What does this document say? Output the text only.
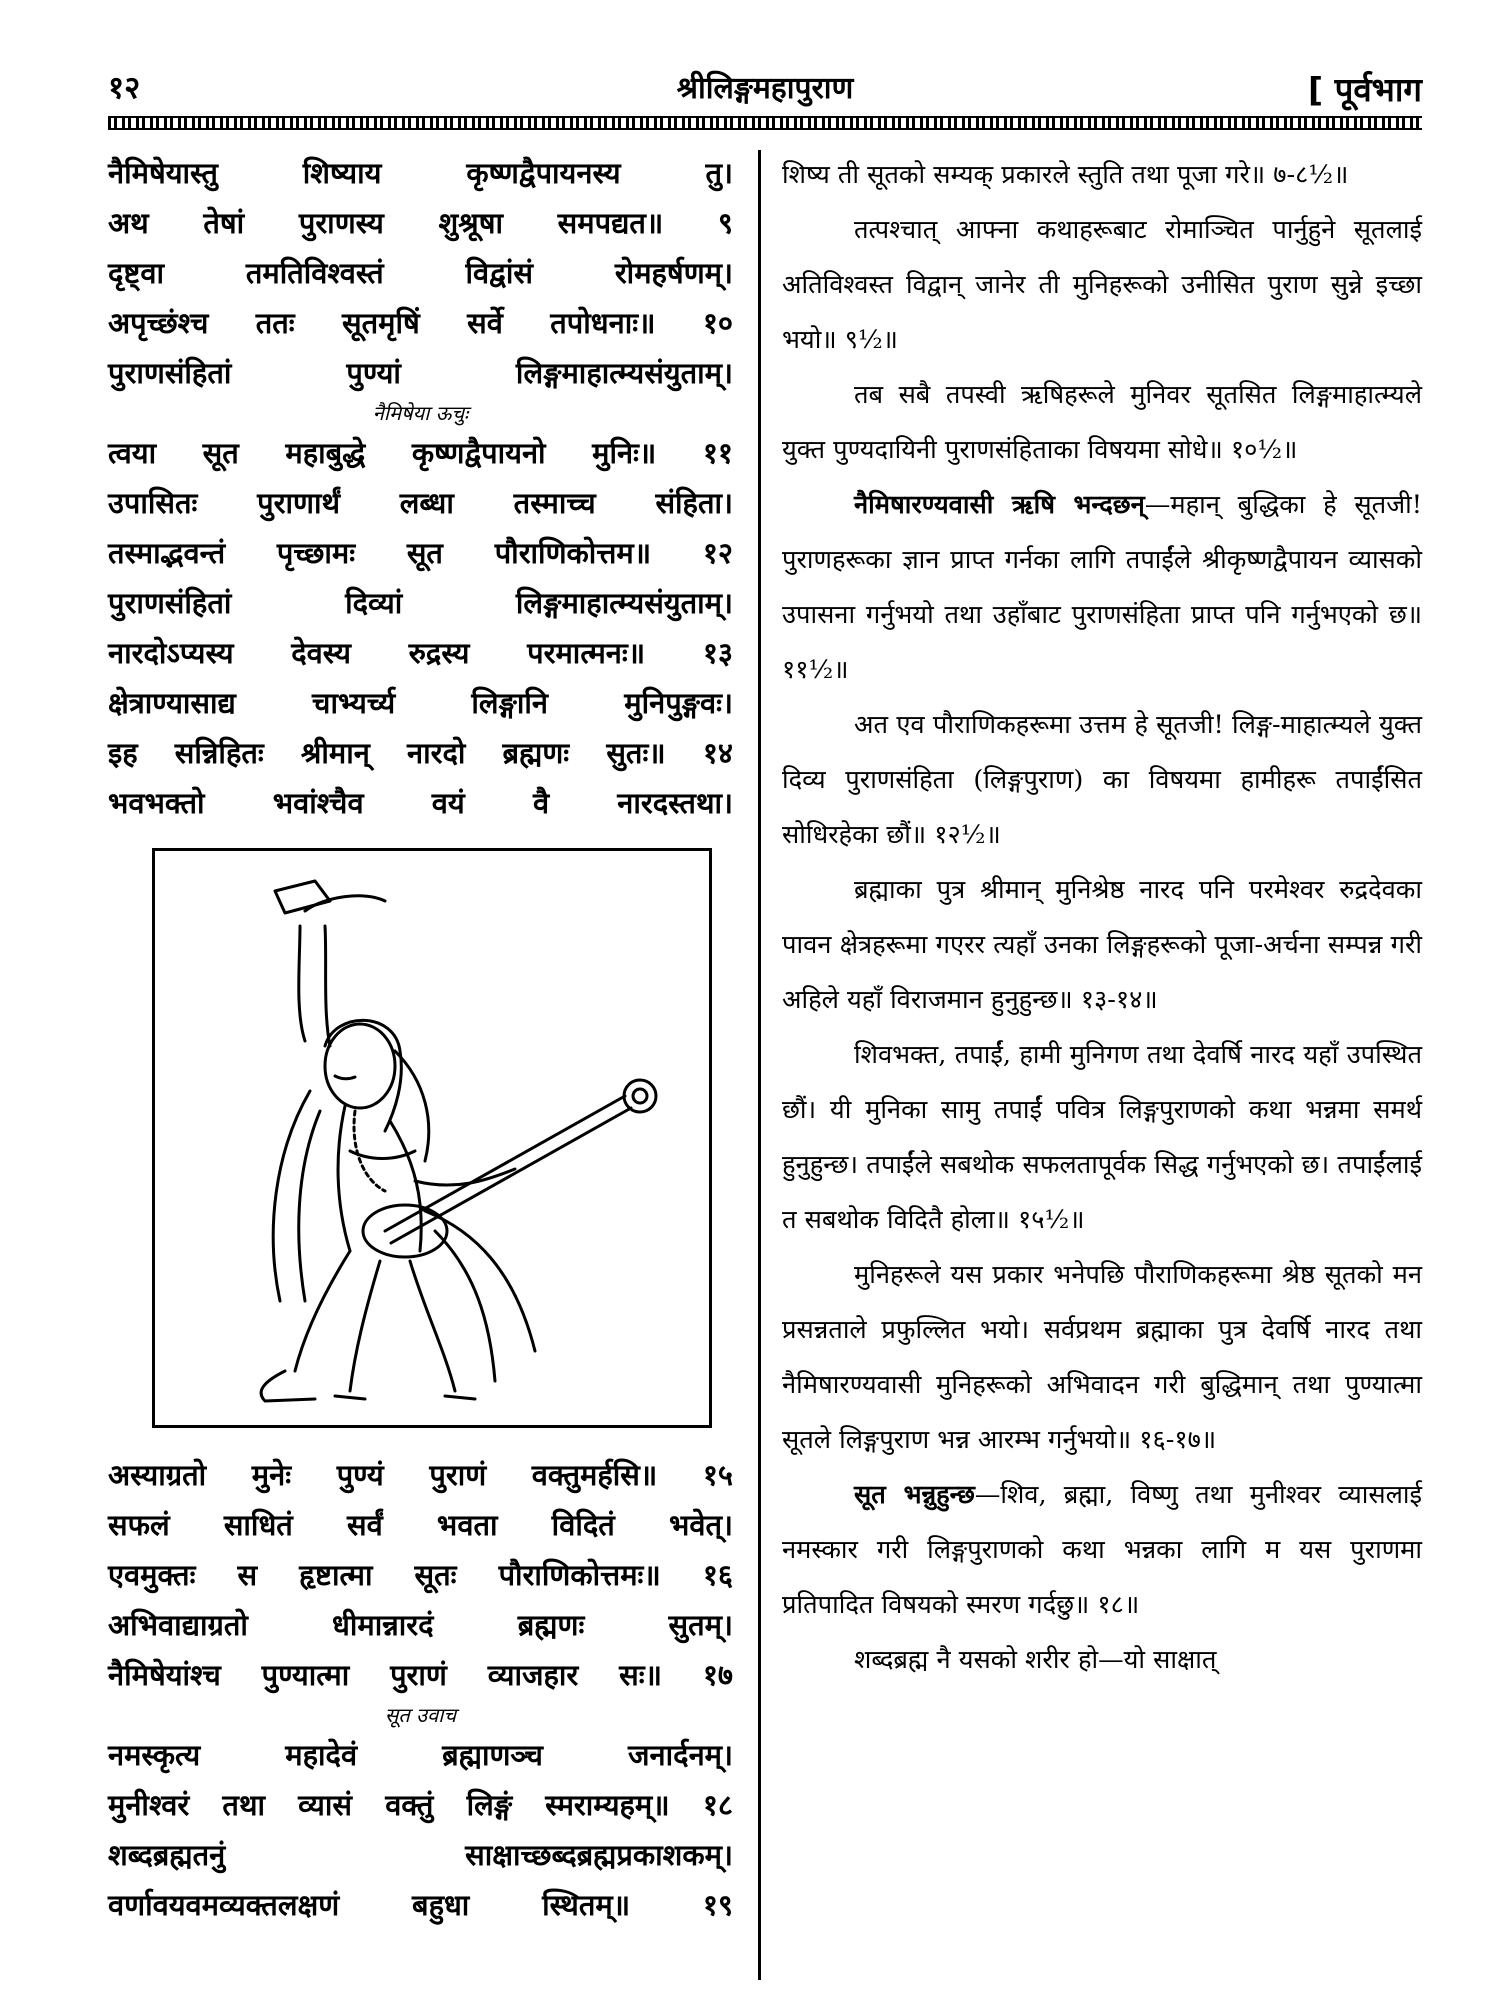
१२	श्रीलिङ्गमहापुराण	[ पूर्वभाग
नैमिषेयास्तु शिष्याय कृष्णद्वैपायनस्य तु।
अथ तेषां पुराणस्य शुश्रूषा समपद्यत॥ ९
दृष्ट्वा तमतिविश्वस्तं विद्वांसं रोमहर्षणम्।
अपृच्छंश्च ततः सूतमृषिं सर्वे तपोधनाः॥ १०
पुराणसंहितां पुण्यां लिङ्गमाहात्म्यसंयुताम्।
नैमिषेया ऊचुः
त्वया सूत महाबुद्धे कृष्णद्वैपायनो मुनिः॥ ११
उपासितः पुराणार्थं लब्धा तस्माच्च संहिता।
तस्माद्भवन्तं पृच्छामः सूत पौराणिकोत्तम॥ १२
पुराणसंहितां दिव्यां लिङ्गमाहात्म्यसंयुताम्।
नारदोऽप्यस्य देवस्य रुद्रस्य परमात्मनः॥ १३
क्षेत्राण्यासाद्य चाभ्यर्च्य लिङ्गानि मुनिपुङ्गवः।
इह सन्निहितः श्रीमान् नारदो ब्रह्मणः सुतः॥ १४
भवभक्तो भवांश्चैव वयं वै नारदस्तथा।
अस्याग्रतो मुनेः पुण्यं पुराणं वक्तुमर्हसि॥ १५
सफलं साधितं सर्वं भवता विदितं भवेत्।
एवमुक्तः स हृष्टात्मा सूतः पौराणिकोत्तमः॥ १६
अभिवाद्याग्रतो धीमान्नारदं ब्रह्मणः सुतम्।
नैमिषेयांश्च पुण्यात्मा पुराणं व्याजहार सः॥ १७
सूत उवाच
नमस्कृत्य महादेवं ब्रह्माणञ्च जनार्दनम्।
मुनीश्वरं तथा व्यासं वक्तुं लिङ्गं स्मराम्यहम्॥ १८
शब्दब्रह्मतनुं साक्षाच्छब्दब्रह्मप्रकाशकम्।
वर्णावयवमव्यक्तलक्षणं बहुधा स्थितम्॥ १९

शिष्य ती सूतको सम्यक् प्रकारले स्तुति तथा पूजा गरे॥ ७-८½॥

तत्पश्चात् आफ्ना कथाहरूबाट रोमाञ्चित पार्नुहुने सूतलाई अतिविश्वस्त विद्वान् जानेर ती मुनिहरूको उनीसित पुराण सुन्ने इच्छा भयो॥ ९½॥

तब सबै तपस्वी ऋषिहरूले मुनिवर सूतसित लिङ्गमाहात्म्यले युक्त पुण्यदायिनी पुराणसंहिताका विषयमा सोधे॥ १०½॥

नैमिषारण्यवासी ऋषि भन्दछन्—महान् बुद्धिका हे सूतजी! पुराणहरूका ज्ञान प्राप्त गर्नका लागि तपाईंले श्रीकृष्णद्वैपायन व्यासको उपासना गर्नुभयो तथा उहाँबाट पुराणसंहिता प्राप्त पनि गर्नुभएको छ॥ ११½॥

अत एव पौराणिकहरूमा उत्तम हे सूतजी! लिङ्ग-माहात्म्यले युक्त दिव्य पुराणसंहिता (लिङ्गपुराण) का विषयमा हामीहरू तपाईंसित सोधिरहेका छौं॥ १२½॥

ब्रह्माका पुत्र श्रीमान् मुनिश्रेष्ठ नारद पनि परमेश्वर रुद्रदेवका पावन क्षेत्रहरूमा गएरर त्यहाँ उनका लिङ्गहरूको पूजा-अर्चना सम्पन्न गरी अहिले यहाँ विराजमान हुनुहुन्छ॥ १३-१४॥

शिवभक्त, तपाईं, हामी मुनिगण तथा देवर्षि नारद यहाँ उपस्थित छौं। यी मुनिका सामु तपाईं पवित्र लिङ्गपुराणको कथा भन्नमा समर्थ हुनुहुन्छ। तपाईंले सबथोक सफलतापूर्वक सिद्ध गर्नुभएको छ। तपाईंलाई त सबथोक विदितै होला॥ १५½॥

मुनिहरूले यस प्रकार भनेपछि पौराणिकहरूमा श्रेष्ठ सूतको मन प्रसन्नताले प्रफुल्लित भयो। सर्वप्रथम ब्रह्माका पुत्र देवर्षि नारद तथा नैमिषारण्यवासी मुनिहरूको अभिवादन गरी बुद्धिमान् तथा पुण्यात्मा सूतले लिङ्गपुराण भन्न आरम्भ गर्नुभयो॥ १६-१७॥

सूत भन्नुहुन्छ—शिव, ब्रह्मा, विष्णु तथा मुनीश्वर व्यासलाई नमस्कार गरी लिङ्गपुराणको कथा भन्नका लागि म यस पुराणमा प्रतिपादित विषयको स्मरण गर्दछु॥ १८॥

शब्दब्रह्म नै यसको शरीर हो—यो साक्षात्
